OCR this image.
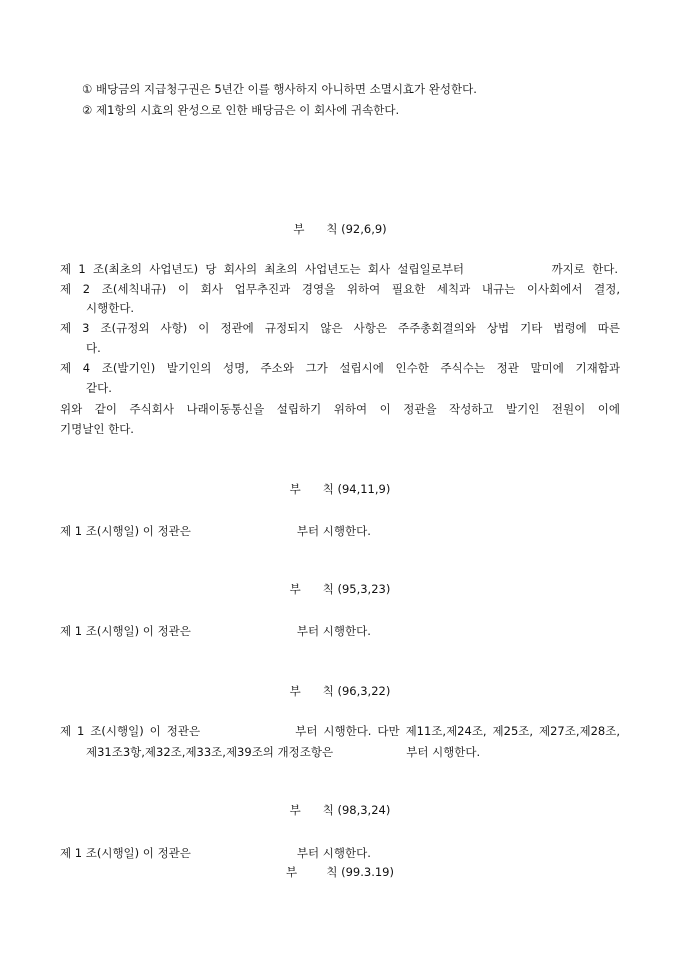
① 배당금의 지급청구권은 5년간 이를 행사하지 아니하면 소멸시효가 완성한다.
② 제1항의 시효의 완성으로 인한 배당금은 이 회사에 귀속한다.
부      칙 (92,6,9)
제 1 조(최초의 사업년도) 당 회사의 최초의 사업년도는 회사 설립일로부터            까지로 한다.
제 2 조(세칙내규) 이 회사 업무추진과 경영을 위하여 필요한 세칙과 내규는 이사회에서 결정,
시행한다.
제 3 조(규정외 사항) 이 정관에 규정되지 않은 사항은 주주총회결의와 상법 기타 법령에 따른
다.
제 4 조(발기인) 발기인의 성명, 주소와 그가 설립시에 인수한 주식수는 정관 말미에 기재함과
같다.
위와 같이 주식회사 나래이동통신을 설립하기 위하여 이 정관을 작성하고 발기인 전원이 이에
기명날인 한다.
부      칙 (94,11,9)
제 1 조(시행일) 이 정관은                             부터 시행한다.
부      칙 (95,3,23)
제 1 조(시행일) 이 정관은                             부터 시행한다.
부      칙 (96,3,22)
제 1 조(시행일) 이 정관은                부터 시행한다. 다만 제11조,제24조, 제25조, 제27조,제28조,
제31조3항,제32조,제33조,제39조의 개정조항은                    부터 시행한다.
부      칙 (98,3,24)
제 1 조(시행일) 이 정관은                             부터 시행한다.
부        칙 (99.3.19)
